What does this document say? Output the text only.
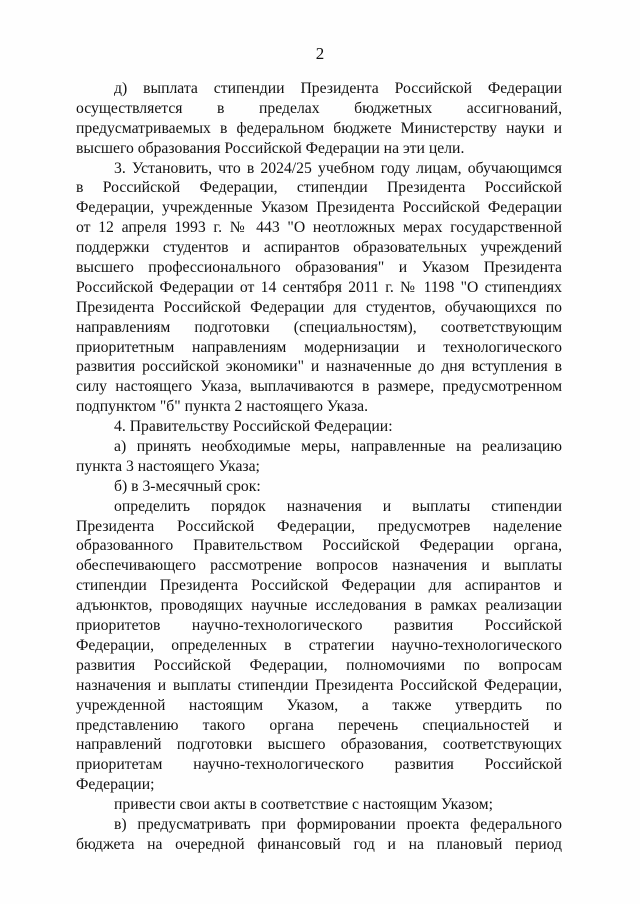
2
д) выплата стипендии Президента Российской Федерации
осуществляется в пределах бюджетных ассигнований,
предусматриваемых в федеральном бюджете Министерству науки и
высшего образования Российской Федерации на эти цели.
3. Установить, что в 2024/25 учебном году лицам, обучающимся
в Российской Федерации, стипендии Президента Российской
Федерации, учрежденные Указом Президента Российской Федерации
от 12 апреля 1993 г. № 443 "О неотложных мерах государственной
поддержки студентов и аспирантов образовательных учреждений
высшего профессионального образования" и Указом Президента
Российской Федерации от 14 сентября 2011 г. № 1198 "О стипендиях
Президента Российской Федерации для студентов, обучающихся по
направлениям подготовки (специальностям), соответствующим
приоритетным направлениям модернизации и технологического
развития российской экономики" и назначенные до дня вступления в
силу настоящего Указа, выплачиваются в размере, предусмотренном
подпунктом "б" пункта 2 настоящего Указа.
4. Правительству Российской Федерации:
а) принять необходимые меры, направленные на реализацию
пункта 3 настоящего Указа;
б) в 3-месячный срок:
определить порядок назначения и выплаты стипендии
Президента Российской Федерации, предусмотрев наделение
образованного Правительством Российской Федерации органа,
обеспечивающего рассмотрение вопросов назначения и выплаты
стипендии Президента Российской Федерации для аспирантов и
адъюнктов, проводящих научные исследования в рамках реализации
приоритетов научно-технологического развития Российской
Федерации, определенных в стратегии научно-технологического
развития Российской Федерации, полномочиями по вопросам
назначения и выплаты стипендии Президента Российской Федерации,
учрежденной настоящим Указом, а также утвердить по
представлению такого органа перечень специальностей и
направлений подготовки высшего образования, соответствующих
приоритетам научно-технологического развития Российской
Федерации;
привести свои акты в соответствие с настоящим Указом;
в) предусматривать при формировании проекта федерального
бюджета на очередной финансовый год и на плановый период
